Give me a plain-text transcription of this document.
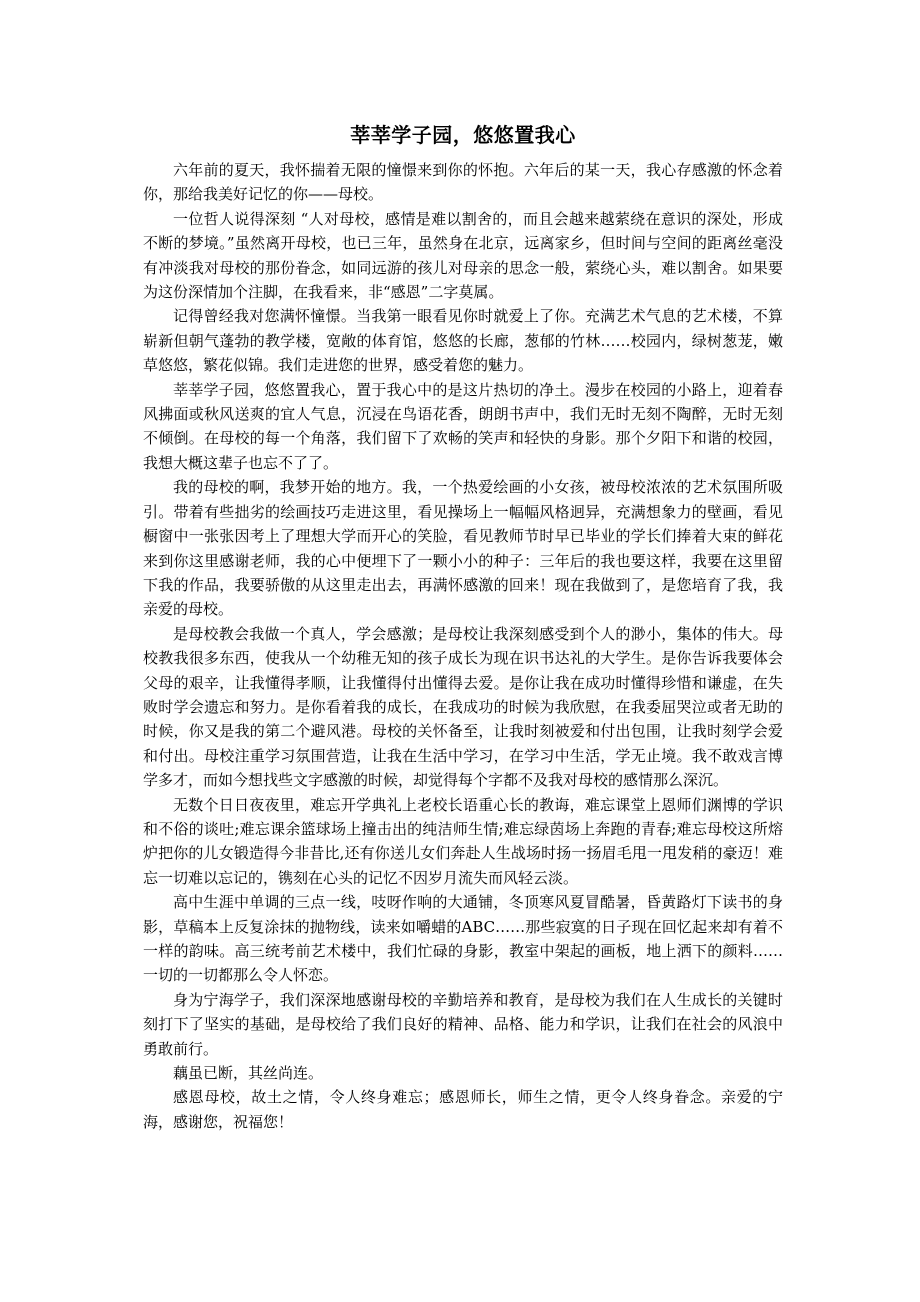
莘莘学子园，悠悠置我心

六年前的夏天，我怀揣着无限的憧憬来到你的怀抱。六年后的某一天，我心存感激的怀念着你，那给我美好记忆的你——母校。

一位哲人说得深刻 “人对母校，感情是难以割舍的，而且会越来越萦绕在意识的深处，形成不断的梦境。”虽然离开母校，也已三年，虽然身在北京，远离家乡，但时间与空间的距离丝毫没有冲淡我对母校的那份眷念，如同远游的孩儿对母亲的思念一般，萦绕心头，难以割舍。如果要为这份深情加个注脚，在我看来，非“感恩”二字莫属。

记得曾经我对您满怀憧憬。当我第一眼看见你时就爱上了你。充满艺术气息的艺术楼，不算崭新但朝气蓬勃的教学楼，宽敞的体育馆，悠悠的长廊，葱郁的竹林……校园内，绿树葱茏，嫩草悠悠，繁花似锦。我们走进您的世界，感受着您的魅力。

莘莘学子园，悠悠置我心，置于我心中的是这片热切的净土。漫步在校园的小路上，迎着春风拂面或秋风送爽的宜人气息，沉浸在鸟语花香，朗朗书声中，我们无时无刻不陶醉，无时无刻不倾倒。在母校的每一个角落，我们留下了欢畅的笑声和轻快的身影。那个夕阳下和谐的校园，我想大概这辈子也忘不了了。

我的母校的啊，我梦开始的地方。我，一个热爱绘画的小女孩，被母校浓浓的艺术氛围所吸引。带着有些拙劣的绘画技巧走进这里，看见操场上一幅幅风格迥异，充满想象力的壁画，看见橱窗中一张张因考上了理想大学而开心的笑脸，看见教师节时早已毕业的学长们捧着大束的鲜花来到你这里感谢老师，我的心中便埋下了一颗小小的种子：三年后的我也要这样，我要在这里留下我的作品，我要骄傲的从这里走出去，再满怀感激的回来！现在我做到了，是您培育了我，我亲爱的母校。

是母校教会我做一个真人，学会感激；是母校让我深刻感受到个人的渺小，集体的伟大。母校教我很多东西，使我从一个幼稚无知的孩子成长为现在识书达礼的大学生。是你告诉我要体会父母的艰辛，让我懂得孝顺，让我懂得付出懂得去爱。是你让我在成功时懂得珍惜和谦虚，在失败时学会遗忘和努力。是你看着我的成长，在我成功的时候为我欣慰，在我委屈哭泣或者无助的时候，你又是我的第二个避风港。母校的关怀备至，让我时刻被爱和付出包围，让我时刻学会爱和付出。母校注重学习氛围营造，让我在生活中学习，在学习中生活，学无止境。我不敢戏言博学多才，而如今想找些文字感激的时候，却觉得每个字都不及我对母校的感情那么深沉。

无数个日日夜夜里，难忘开学典礼上老校长语重心长的教诲，难忘课堂上恩师们渊博的学识和不俗的谈吐;难忘课余篮球场上撞击出的纯洁师生情;难忘绿茵场上奔跑的青春;难忘母校这所熔炉把你的儿女锻造得今非昔比,还有你送儿女们奔赴人生战场时扬一扬眉毛甩一甩发稍的豪迈！难忘一切难以忘记的，镌刻在心头的记忆不因岁月流失而风轻云淡。

高中生涯中单调的三点一线，吱呀作响的大通铺，冬顶寒风夏冒酷暑，昏黄路灯下读书的身影，草稿本上反复涂抹的抛物线，读来如嚼蜡的ABC……那些寂寞的日子现在回忆起来却有着不一样的韵味。高三统考前艺术楼中，我们忙碌的身影，教室中架起的画板，地上洒下的颜料……一切的一切都那么令人怀恋。

身为宁海学子，我们深深地感谢母校的辛勤培养和教育，是母校为我们在人生成长的关键时刻打下了坚实的基础，是母校给了我们良好的精神、品格、能力和学识，让我们在社会的风浪中勇敢前行。

藕虽已断，其丝尚连。

感恩母校，故土之情，令人终身难忘；感恩师长，师生之情，更令人终身眷念。亲爱的宁海，感谢您，祝福您！
